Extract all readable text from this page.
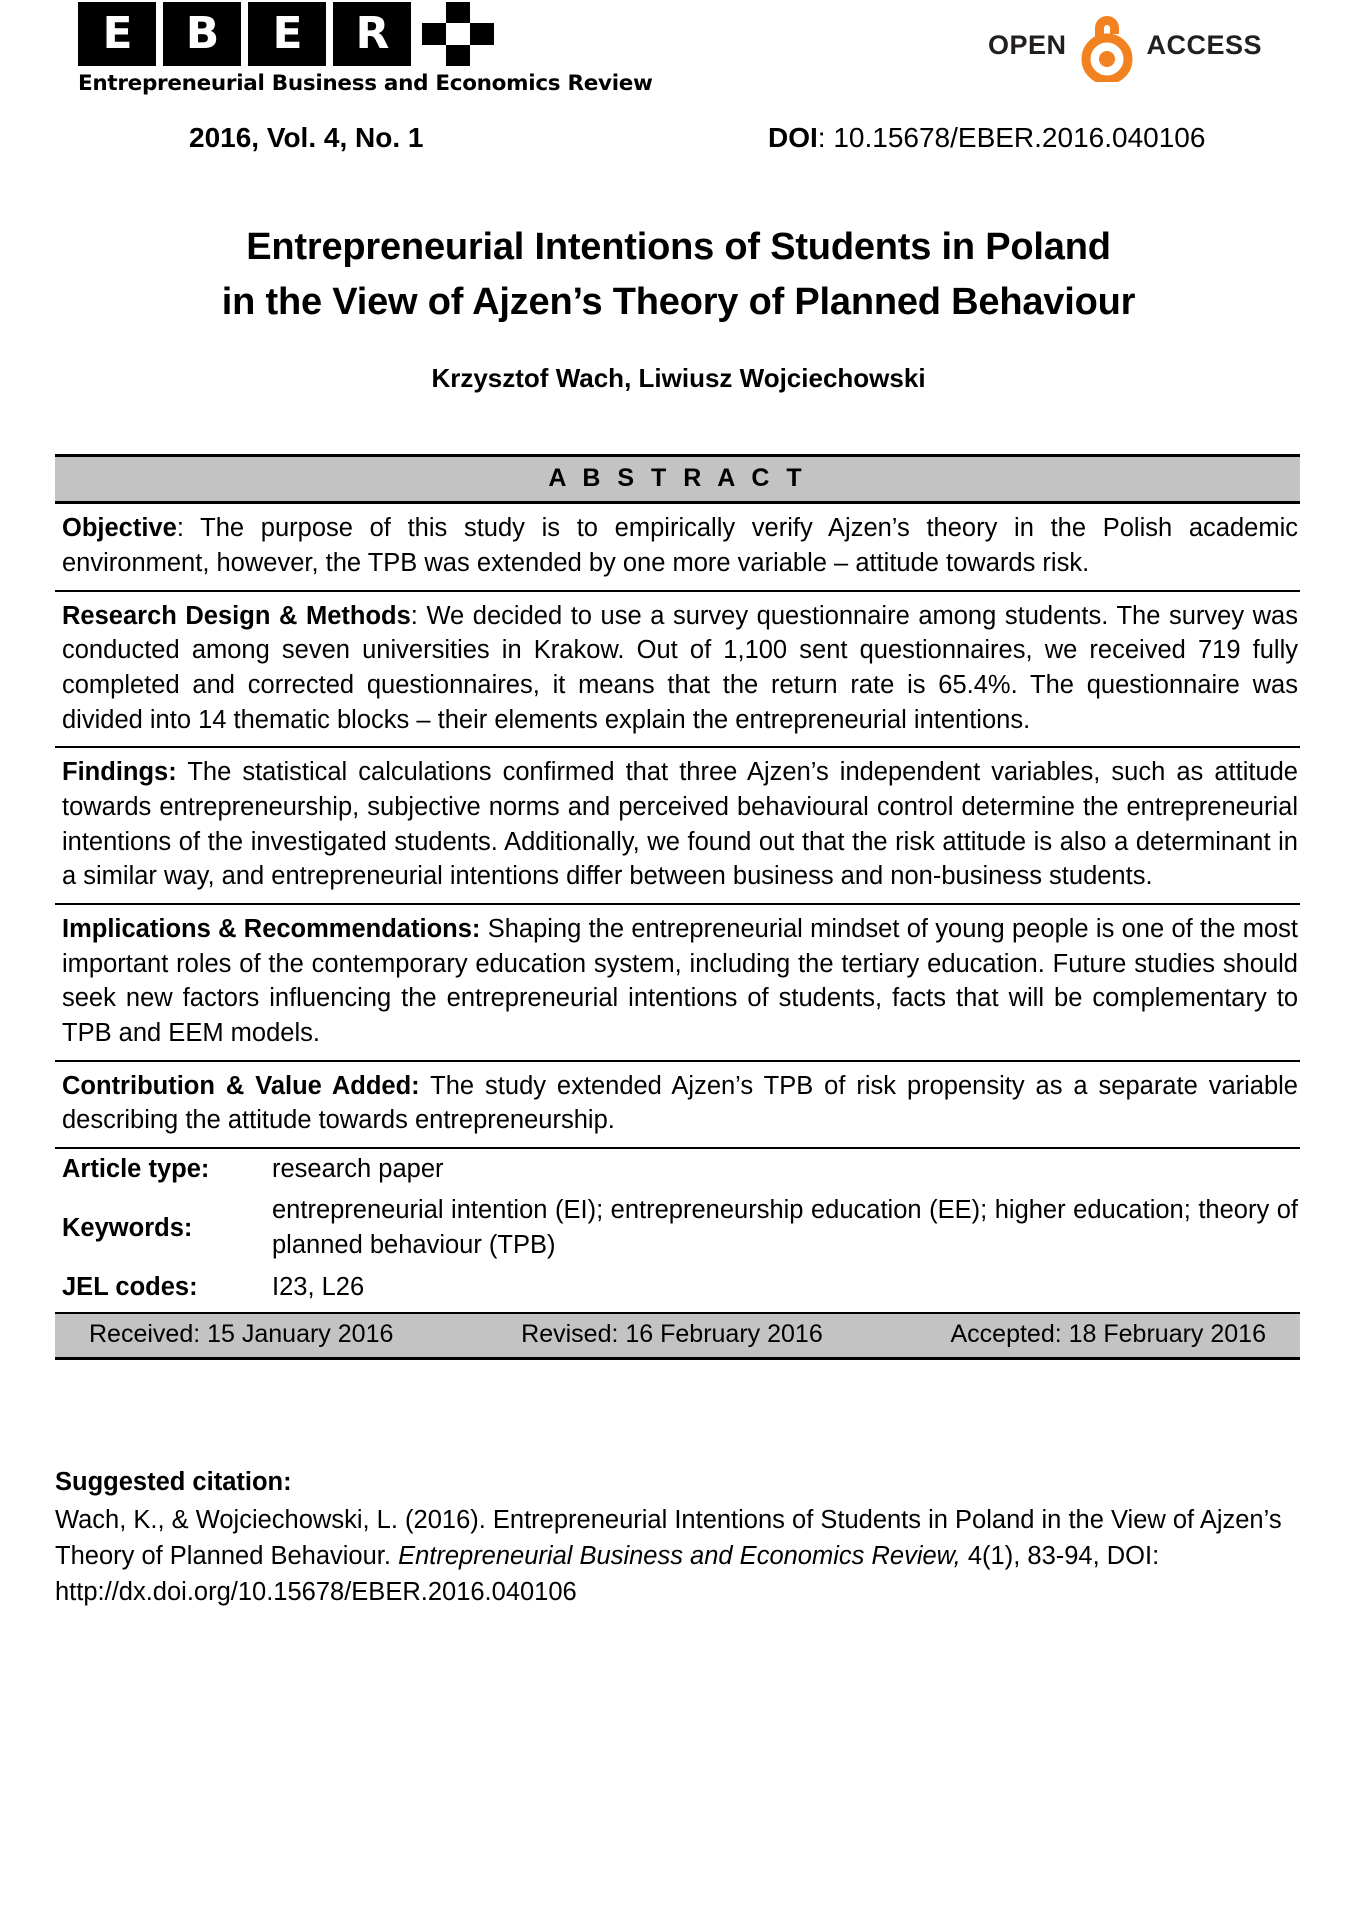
E	B	E	R
Entrepreneurial Business and Economics Review
OPEN	ACCESS
2016, Vol. 4, No. 1	DOI: 10.15678/EBER.2016.040106
Entrepreneurial Intentions of Students in Poland
in the View of Ajzen’s Theory of Planned Behaviour
Krzysztof Wach, Liwiusz Wojciechowski
A B S T R A C T
Objective: The purpose of this study is to empirically verify Ajzen’s theory in the Polish academic environment, however, the TPB was extended by one more variable – attitude towards risk.
Research Design & Methods: We decided to use a survey questionnaire among students. The survey was conducted among seven universities in Krakow. Out of 1,100 sent questionnaires, we received 719 fully completed and corrected questionnaires, it means that the return rate is 65.4%. The questionnaire was divided into 14 thematic blocks – their elements explain the entrepreneurial intentions.
Findings: The statistical calculations confirmed that three Ajzen’s independent variables, such as attitude towards entrepreneurship, subjective norms and perceived behavioural control determine the entrepreneurial intentions of the investigated students. Additionally, we found out that the risk attitude is also a determinant in a similar way, and entrepreneurial intentions differ between business and non-business students.
Implications & Recommendations: Shaping the entrepreneurial mindset of young people is one of the most important roles of the contemporary education system, including the tertiary education. Future studies should seek new factors influencing the entrepreneurial intentions of students, facts that will be complementary to TPB and EEM models.
Contribution & Value Added: The study extended Ajzen’s TPB of risk propensity as a separate variable describing the attitude towards entrepreneurship.
Article type:	research paper
Keywords:	entrepreneurial intention (EI); entrepreneurship education (EE); higher education; theory of planned behaviour (TPB)
JEL codes:	I23, L26
Received: 15 January 2016	Revised: 16 February 2016	Accepted: 18 February 2016
Suggested citation:
Wach, K., & Wojciechowski, L. (2016). Entrepreneurial Intentions of Students in Poland in the View of Ajzen’s Theory of Planned Behaviour. Entrepreneurial Business and Economics Review, 4(1), 83-94, DOI: http://dx.doi.org/10.15678/EBER.2016.040106
